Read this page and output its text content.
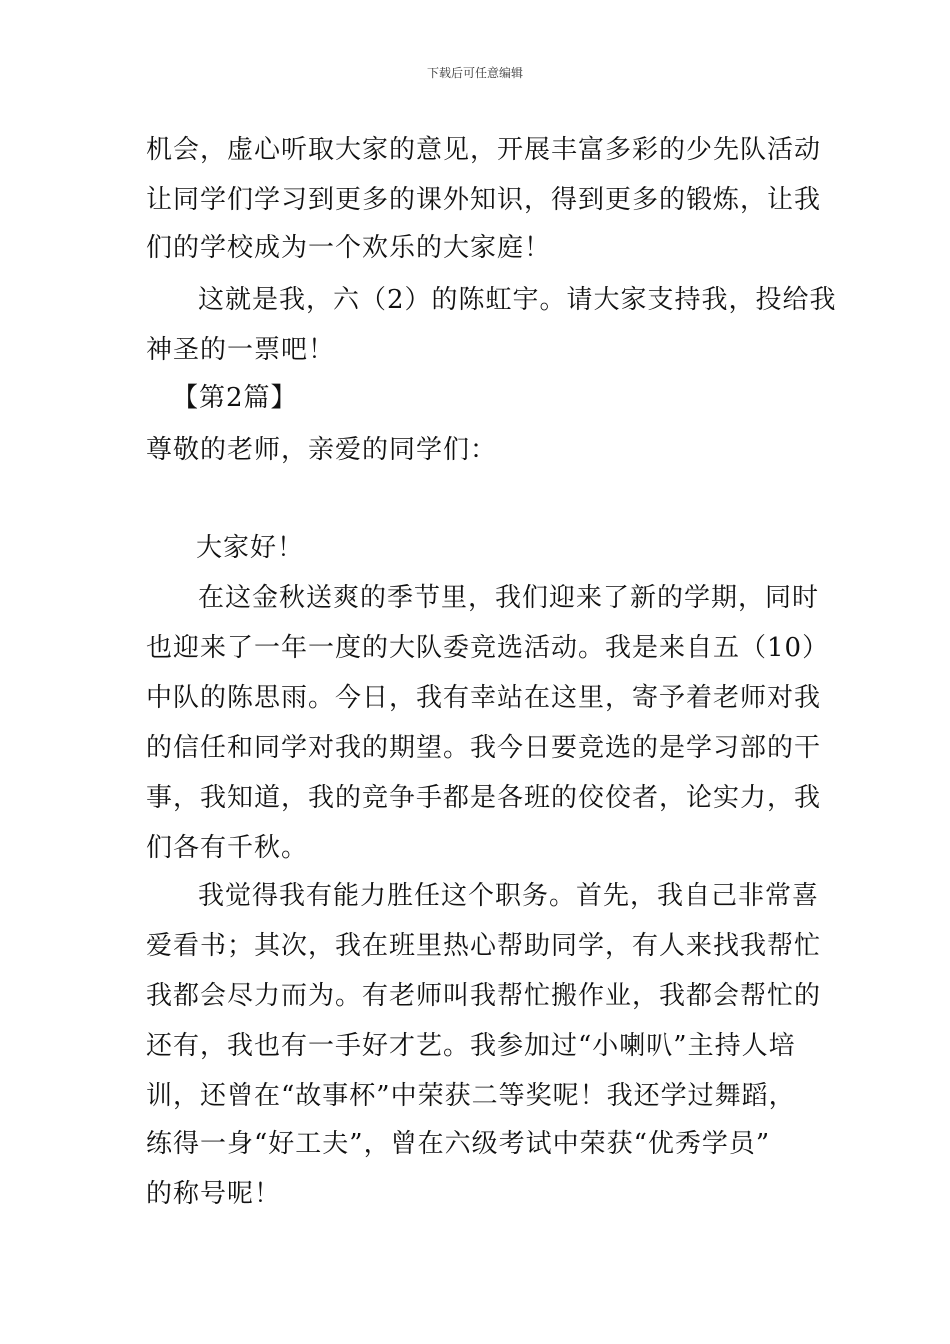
下载后可任意编辑
机会，虚心听取大家的意见，开展丰富多彩的少先队活动
让同学们学习到更多的课外知识，得到更多的锻炼，让我
们的学校成为一个欢乐的大家庭！
这就是我，六（2）的陈虹宇。请大家支持我，投给我
神圣的一票吧！
【第2篇】
尊敬的老师，亲爱的同学们：
大家好！
在这金秋送爽的季节里，我们迎来了新的学期，同时
也迎来了一年一度的大队委竞选活动。我是来自五（10）
中队的陈思雨。今日，我有幸站在这里，寄予着老师对我
的信任和同学对我的期望。我今日要竞选的是学习部的干
事，我知道，我的竞争手都是各班的佼佼者，论实力，我
们各有千秋。
我觉得我有能力胜任这个职务。首先，我自己非常喜
爱看书；其次，我在班里热心帮助同学，有人来找我帮忙
我都会尽力而为。有老师叫我帮忙搬作业，我都会帮忙的
还有，我也有一手好才艺。我参加过“小喇叭”主持人培
训，还曾在“故事杯”中荣获二等奖呢！我还学过舞蹈，
练得一身“好工夫”，曾在六级考试中荣获“优秀学员”
的称号呢！
